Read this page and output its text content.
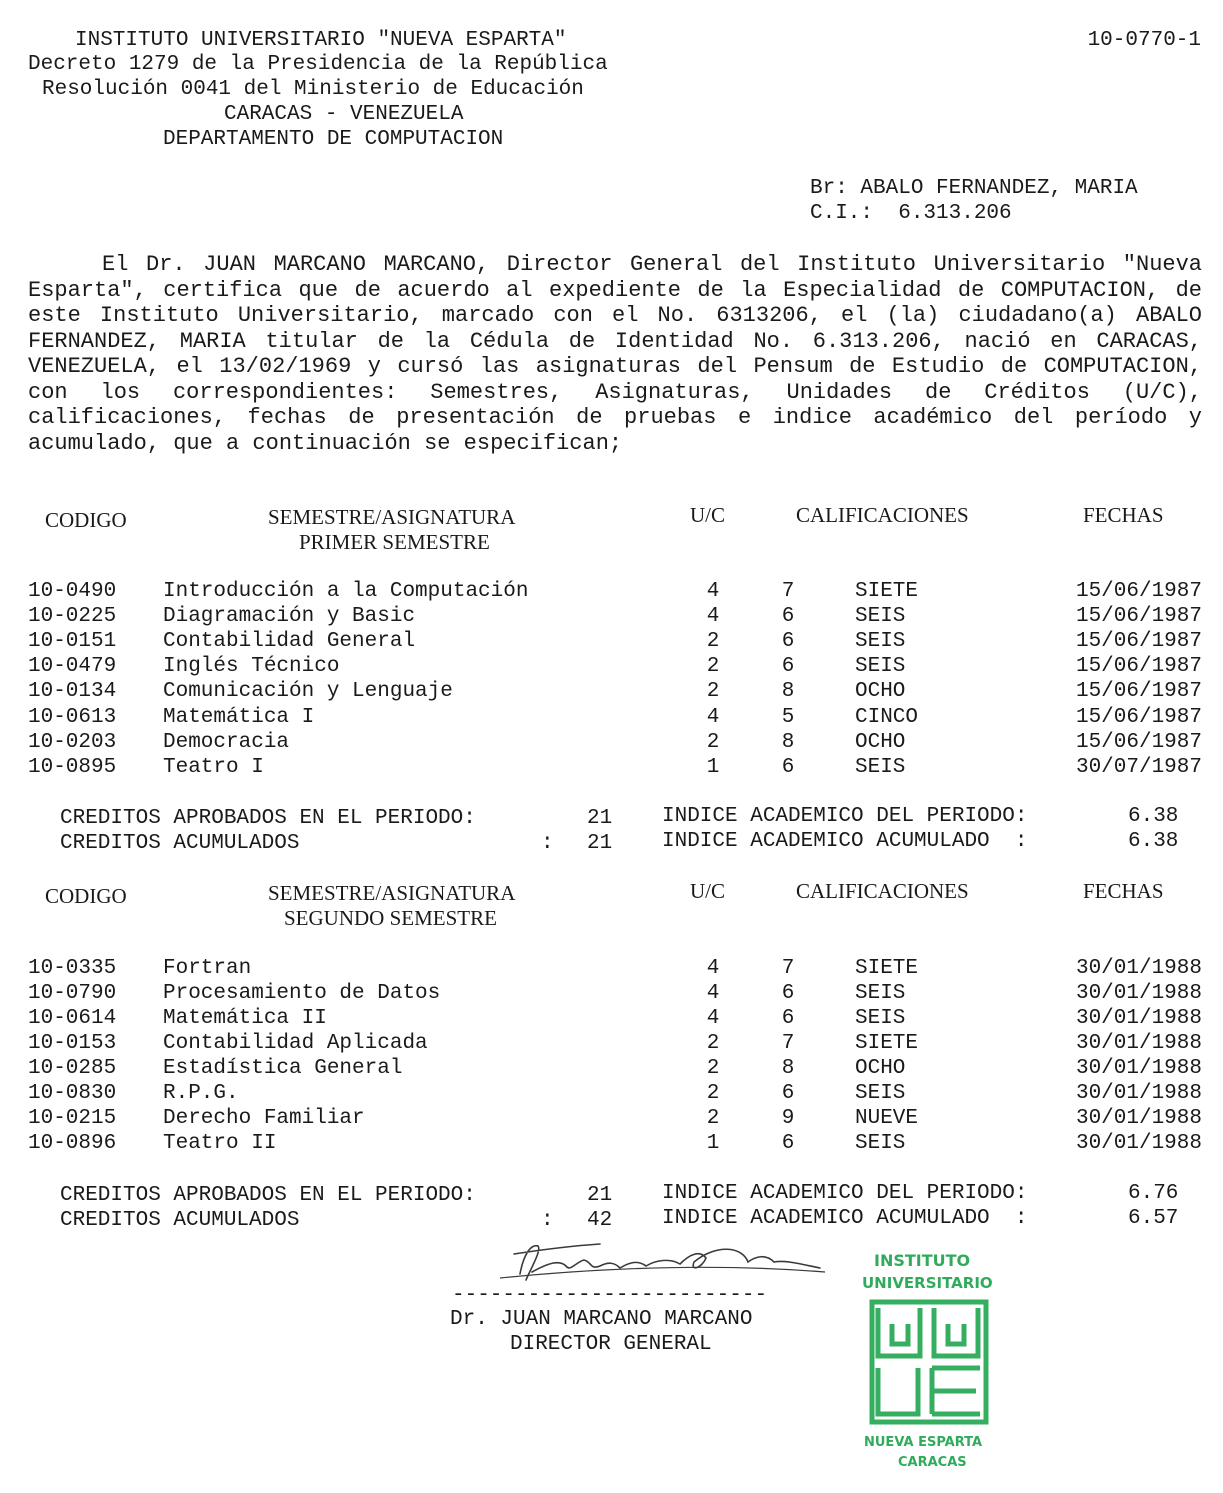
INSTITUTO UNIVERSITARIO "NUEVA ESPARTA"
Decreto 1279 de la Presidencia de la República
Resolución 0041 del Ministerio de Educación
CARACAS - VENEZUELA
DEPARTAMENTO DE COMPUTACION
10-0770-1
Br: ABALO FERNANDEZ, MARIA
C.I.:  6.313.206

El Dr. JUAN MARCANO MARCANO, Director General del Instituto Universitario "Nueva Esparta", certifica que de acuerdo al expediente de la Especialidad de COMPUTACION, de este Instituto Universitario, marcado con el No. 6313206, el (la) ciudadano(a) ABALO FERNANDEZ, MARIA titular de la Cédula de Identidad No. 6.313.206, nació en CARACAS, VENEZUELA, el 13/02/1969 y cursó las asignaturas del Pensum de Estudio de COMPUTACION, con los correspondientes: Semestres, Asignaturas, Unidades de Créditos (U/C), calificaciones, fechas de presentación de pruebas e indice académico del período y acumulado, que a continuación se especifican;

CODIGO	SEMESTRE/ASIGNATURA	U/C	CALIFICACIONES	FECHAS
PRIMER SEMESTRE
10-0490 Introducción a la Computación	4	7	SIETE	15/06/1987
10-0225 Diagramación y Basic	4	6	SEIS	15/06/1987
10-0151 Contabilidad General	2	6	SEIS	15/06/1987
10-0479 Inglés Técnico	2	6	SEIS	15/06/1987
10-0134 Comunicación y Lenguaje	2	8	OCHO	15/06/1987
10-0613 Matemática I	4	5	CINCO	15/06/1987
10-0203 Democracia	2	8	OCHO	15/06/1987
10-0895 Teatro I	1	6	SEIS	30/07/1987
CREDITOS APROBADOS EN EL PERIODO:	21
CREDITOS ACUMULADOS	: 21
INDICE ACADEMICO DEL PERIODO:	6.38
INDICE ACADEMICO ACUMULADO  :	6.38
CODIGO	SEMESTRE/ASIGNATURA	U/C	CALIFICACIONES	FECHAS
SEGUNDO SEMESTRE
10-0335 Fortran	4	7	SIETE	30/01/1988
10-0790 Procesamiento de Datos	4	6	SEIS	30/01/1988
10-0614 Matemática II	4	6	SEIS	30/01/1988
10-0153 Contabilidad Aplicada	2	7	SIETE	30/01/1988
10-0285 Estadística General	2	8	OCHO	30/01/1988
10-0830 R.P.G.	2	6	SEIS	30/01/1988
10-0215 Derecho Familiar	2	9	NUEVE	30/01/1988
10-0896 Teatro II	1	6	SEIS	30/01/1988
CREDITOS APROBADOS EN EL PERIODO:	21
CREDITOS ACUMULADOS	: 42
INDICE ACADEMICO DEL PERIODO:	6.76
INDICE ACADEMICO ACUMULADO  :	6.57
-------------------------
Dr. JUAN MARCANO MARCANO
DIRECTOR GENERAL
INSTITUTO
UNIVERSITARIO
NUEVA ESPARTA
CARACAS
